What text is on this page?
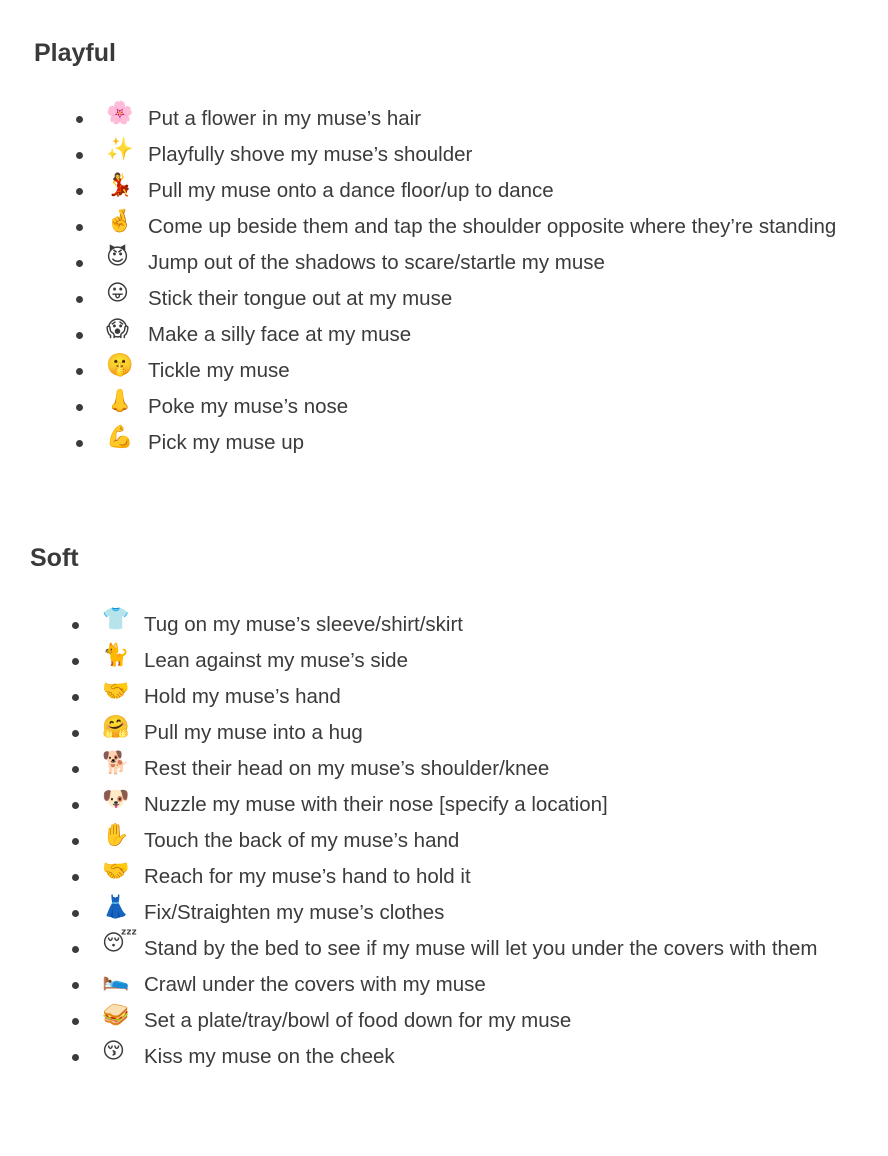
Playful
🌸 Put a flower in my muse’s hair
✨ Playfully shove my muse’s shoulder
💃 Pull my muse onto a dance floor/up to dance
🤞 Come up beside them and tap the shoulder opposite where they’re standing
😈 Jump out of the shadows to scare/startle my muse
😛 Stick their tongue out at my muse
😱 Make a silly face at my muse
🤫 Tickle my muse
👃 Poke my muse’s nose
💪 Pick my muse up
Soft
👕 Tug on my muse’s sleeve/shirt/skirt
🐈 Lean against my muse’s side
🤝 Hold my muse’s hand
🤗 Pull my muse into a hug
🐕 Rest their head on my muse’s shoulder/knee
🐶 Nuzzle my muse with their nose [specify a location]
✋ Touch the back of my muse’s hand
🤝 Reach for my muse’s hand to hold it
👗 Fix/Straighten my muse’s clothes
😴 Stand by the bed to see if my muse will let you under the covers with them
🛌 Crawl under the covers with my muse
🥪 Set a plate/tray/bowl of food down for my muse
😚 Kiss my muse on the cheek
